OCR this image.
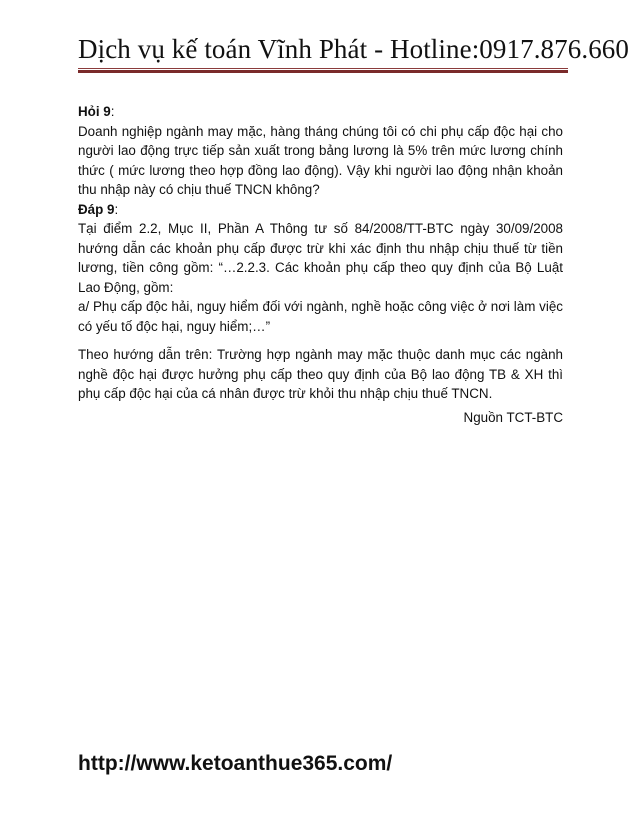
Dịch vụ kế toán Vĩnh Phát - Hotline:0917.876.660

Hỏi 9:

Doanh nghiệp ngành may mặc, hàng tháng chúng tôi có chi phụ cấp độc hại cho người lao động trực tiếp sản xuất trong bảng lương là 5% trên mức lương chính thức ( mức lương theo hợp đồng lao động). Vậy khi người lao động nhận khoản thu nhập này có chịu thuế TNCN không?

Đáp 9:

Tại điểm 2.2, Mục II, Phần A Thông tư số 84/2008/TT-BTC ngày 30/09/2008 hướng dẫn các khoản phụ cấp được trừ khi xác định thu nhập chịu thuế từ tiền lương, tiền công gồm: “…2.2.3. Các khoản phụ cấp theo quy định của Bộ Luật Lao Động, gồm:

a/ Phụ cấp độc hải, nguy hiểm đối với ngành, nghề hoặc công việc ở nơi làm việc có yếu tố độc hại, nguy hiểm;…”

Theo hướng dẫn trên: Trường hợp ngành may mặc thuộc danh mục các ngành nghề độc hại được hưởng phụ cấp theo quy định của Bộ lao động TB & XH thì phụ cấp độc hại của cá nhân được trừ khỏi thu nhập chịu thuế TNCN.

Nguồn TCT-BTC

http://www.ketoanthue365.com/
